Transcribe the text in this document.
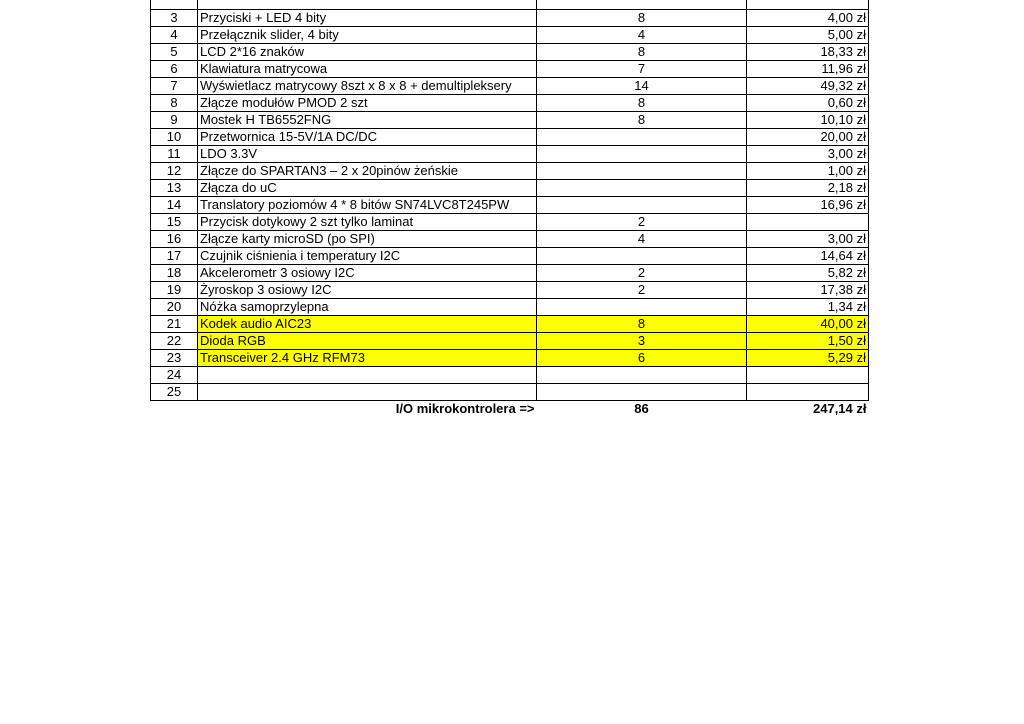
3	Przyciski + LED 4 bity	8	4,00 zł
4	Przełącznik slider, 4 bity	4	5,00 zł
5	LCD 2*16 znaków	8	18,33 zł
6	Klawiatura matrycowa	7	11,96 zł
7	Wyświetlacz matrycowy 8szt x 8 x 8 + demultipleksery	14	49,32 zł
8	Złącze modułów PMOD 2 szt	8	0,60 zł
9	Mostek H TB6552FNG	8	10,10 zł
10	Przetwornica 15-5V/1A DC/DC		20,00 zł
11	LDO 3.3V		3,00 zł
12	Złącze do SPARTAN3 – 2 x 20pinów żeńskie		1,00 zł
13	Złącza do uC		2,18 zł
14	Translatory poziomów 4 * 8 bitów SN74LVC8T245PW		16,96 zł
15	Przycisk dotykowy 2 szt tylko laminat	2	
16	Złącze karty microSD (po SPI)	4	3,00 zł
17	Czujnik ciśnienia i temperatury I2C		14,64 zł
18	Akcelerometr 3 osiowy I2C	2	5,82 zł
19	Żyroskop 3 osiowy I2C	2	17,38 zł
20	Nóżka samoprzylepna		1,34 zł
21	Kodek audio AIC23	8	40,00 zł
22	Dioda RGB	3	1,50 zł
23	Transceiver 2.4 GHz RFM73	6	5,29 zł
24			
25			
	I/O mikrokontrolera =>	86	247,14 zł
